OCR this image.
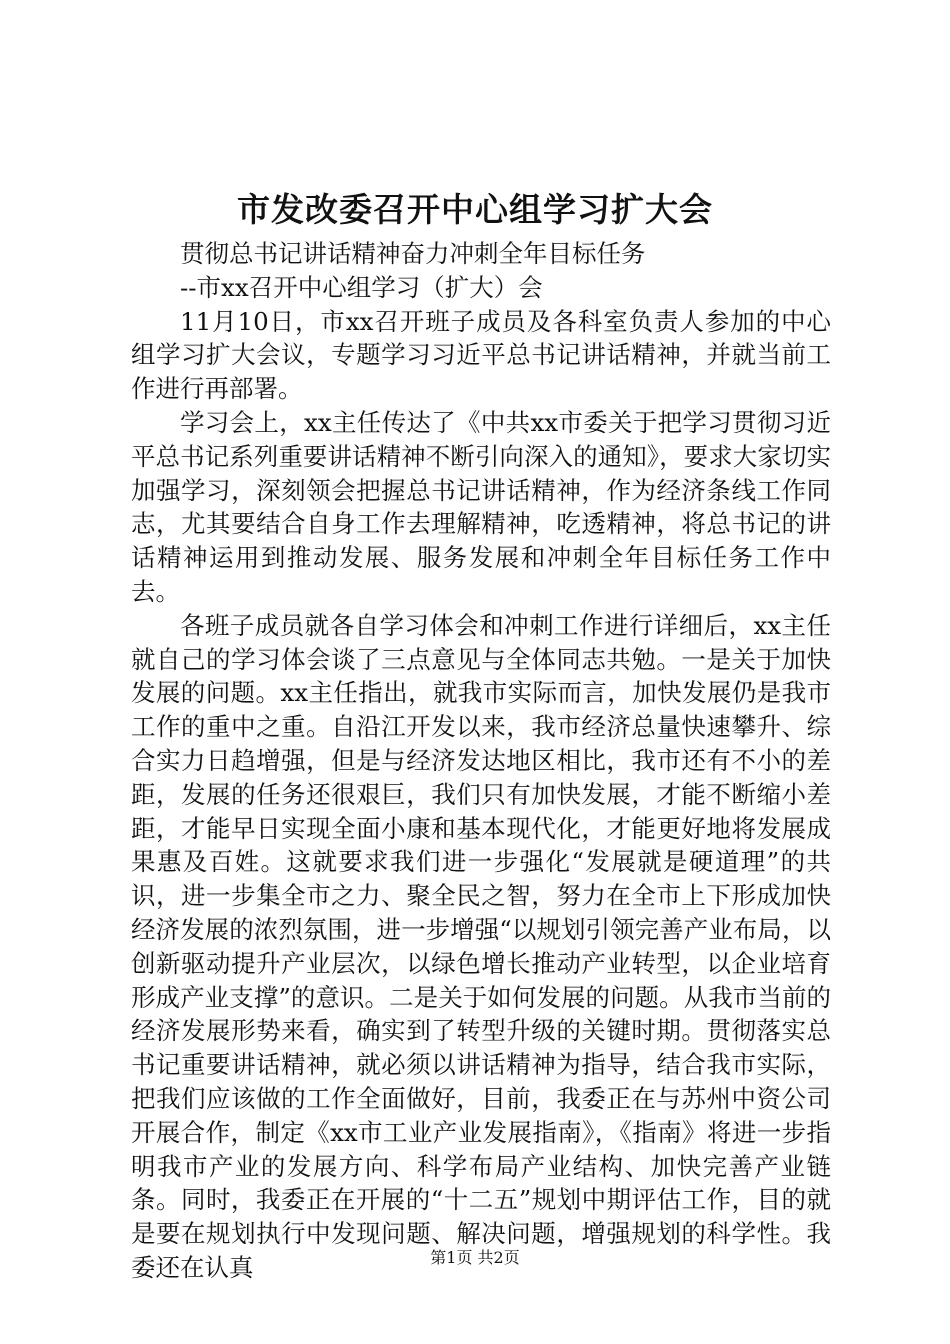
市发改委召开中心组学习扩大会

贯彻总书记讲话精神奋力冲刺全年目标任务

--市xx召开中心组学习（扩大）会

11月10日，市xx召开班子成员及各科室负责人参加的中心组学习扩大会议，专题学习习近平总书记讲话精神，并就当前工作进行再部署。

学习会上，xx主任传达了《中共xx市委关于把学习贯彻习近平总书记系列重要讲话精神不断引向深入的通知》，要求大家切实加强学习，深刻领会把握总书记讲话精神，作为经济条线工作同志，尤其要结合自身工作去理解精神，吃透精神，将总书记的讲话精神运用到推动发展、服务发展和冲刺全年目标任务工作中去。

各班子成员就各自学习体会和冲刺工作进行详细后，xx主任就自己的学习体会谈了三点意见与全体同志共勉。一是关于加快发展的问题。xx主任指出，就我市实际而言，加快发展仍是我市工作的重中之重。自沿江开发以来，我市经济总量快速攀升、综合实力日趋增强，但是与经济发达地区相比，我市还有不小的差距，发展的任务还很艰巨，我们只有加快发展，才能不断缩小差距，才能早日实现全面小康和基本现代化，才能更好地将发展成果惠及百姓。这就要求我们进一步强化“发展就是硬道理”的共识，进一步集全市之力、聚全民之智，努力在全市上下形成加快经济发展的浓烈氛围，进一步增强“以规划引领完善产业布局，以创新驱动提升产业层次，以绿色增长推动产业转型，以企业培育形成产业支撑”的意识。二是关于如何发展的问题。从我市当前的经济发展形势来看，确实到了转型升级的关键时期。贯彻落实总书记重要讲话精神，就必须以讲话精神为指导，结合我市实际，把我们应该做的工作全面做好，目前，我委正在与苏州中资公司开展合作，制定《xx市工业产业发展指南》，《指南》将进一步指明我市产业的发展方向、科学布局产业结构、加快完善产业链条。同时，我委正在开展的“十二五”规划中期评估工作，目的就是要在规划执行中发现问题、解决问题，增强规划的科学性。我委还在认真	第1页 共2页
